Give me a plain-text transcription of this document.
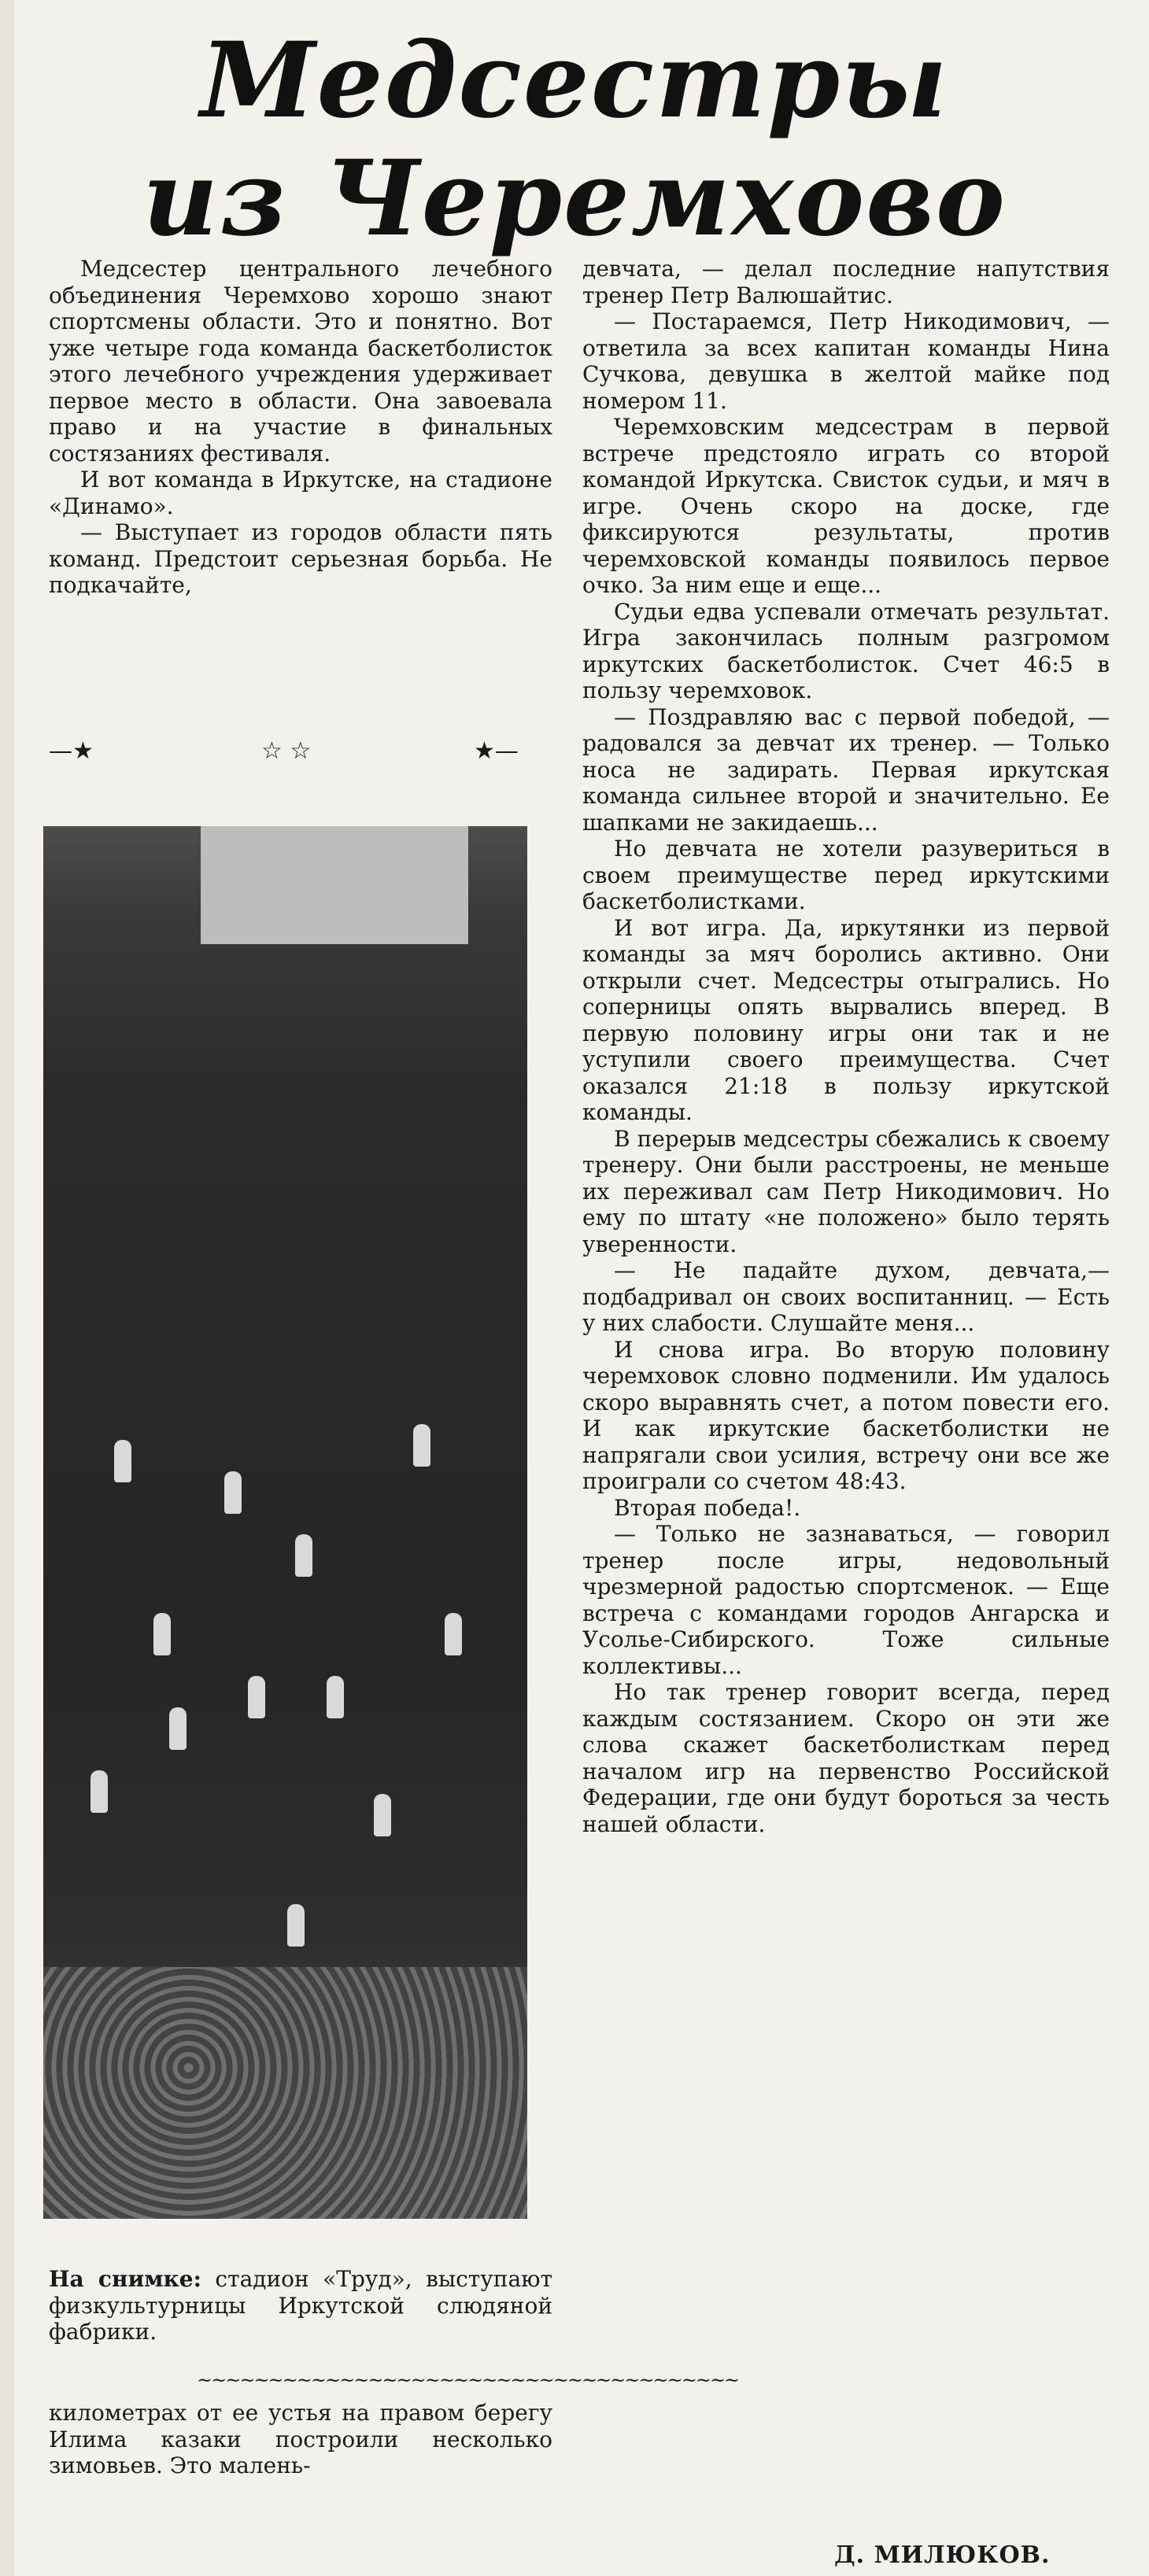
Медсестры
из Черемхово

Медсестер центрального лечебного объединения Черемхово хорошо знают спортсмены области. Это и понятно. Вот уже четыре года команда баскетболисток этого лечебного учреждения удерживает первое место в области. Она завоевала право и на участие в финальных состязаниях фестиваля.

И вот команда в Иркутске, на стадионе «Динамо».

— Выступает из городов области пять команд. Предстоит серьезная борьба. Не подкачайте,

—★	☆ ☆	★—
На снимке: стадион «Труд», выступают физкультурницы Иркутской слюдяной фабрики.
~~~~~~~~~~~~~~~~~~~~~~~~~~~~~~~~~~~~~~

километрах от ее устья на правом берегу Илима казаки построили несколько зимовьев. Это малень-

девчата, — делал последние напутствия тренер Петр Валюшайтис.

— Постараемся, Петр Никодимович, — ответила за всех капитан команды Нина Сучкова, девушка в желтой майке под номером 11.

Черемховским медсестрам в первой встрече предстояло играть со второй командой Иркутска. Свисток судьи, и мяч в игре. Очень скоро на доске, где фиксируются результаты, против черемховской команды появилось первое очко. За ним еще и еще...

Судьи едва успевали отмечать результат. Игра закончилась полным разгромом иркутских баскетболисток. Счет 46:5 в пользу черемховок.

— Поздравляю вас с первой победой, — радовался за девчат их тренер. — Только носа не задирать. Первая иркутская команда сильнее второй и значительно. Ее шапками не закидаешь...

Но девчата не хотели разувериться в своем преимуществе перед иркутскими баскетболистками.

И вот игра. Да, иркутянки из первой команды за мяч боролись активно. Они открыли счет. Медсестры отыгрались. Но соперницы опять вырвались вперед. В первую половину игры они так и не уступили своего преимущества. Счет оказался 21:18 в пользу иркутской команды.

В перерыв медсестры сбежались к своему тренеру. Они были расстроены, не меньше их переживал сам Петр Никодимович. Но ему по штату «не положено» было терять уверенности.

— Не падайте духом, девчата,— подбадривал он своих воспитанниц. — Есть у них слабости. Слушайте меня...

И снова игра. Во вторую половину черемховок словно подменили. Им удалось скоро выравнять счет, а потом повести его. И как иркутские баскетболистки не напрягали свои усилия, встречу они все же проиграли со счетом 48:43.

Вторая победа!.

— Только не зазнаваться, — говорил тренер после игры, недовольный чрезмерной радостью спортсменок. — Еще встреча с командами городов Ангарска и Усолье-Сибирского. Тоже сильные коллективы...

Но так тренер говорит всегда, перед каждым состязанием. Скоро он эти же слова скажет баскетболисткам перед началом игр на первенство Российской Федерации, где они будут бороться за честь нашей области.

Д. МИЛЮКОВ.
